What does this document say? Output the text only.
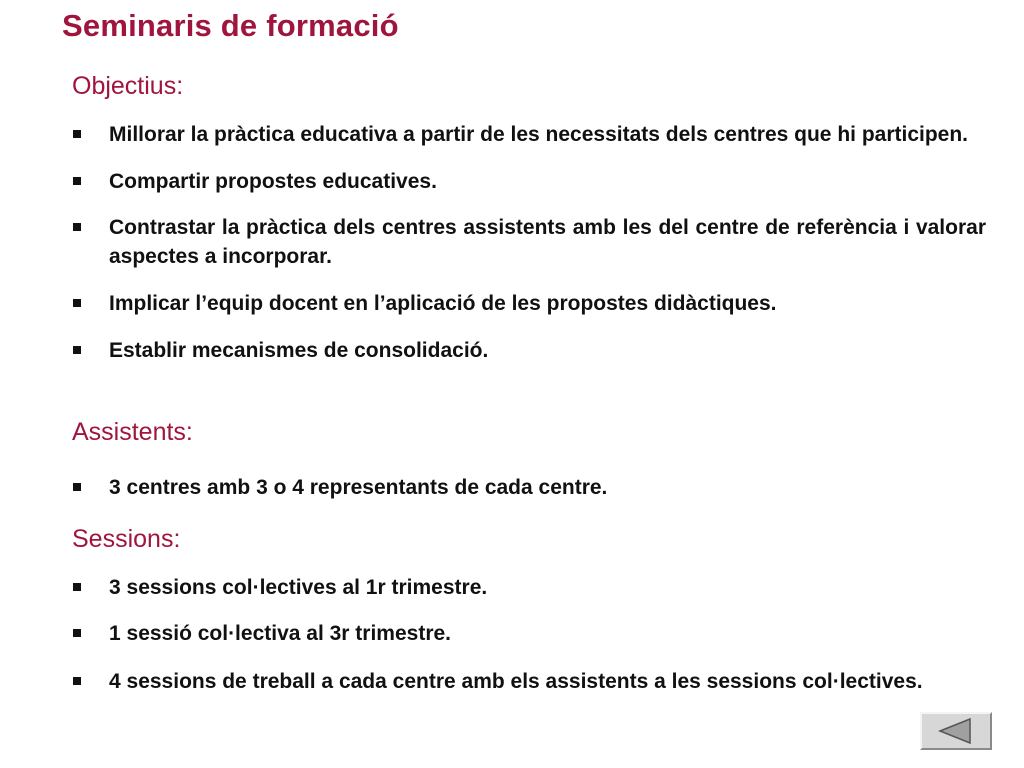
Seminaris de formació
Objectius:
Millorar la pràctica educativa a partir de les necessitats dels centres que hi participen.
Compartir propostes educatives.
Contrastar la pràctica dels centres assistents amb les del centre de referència i valorar aspectes a incorporar.
Implicar l’equip docent en l’aplicació de les propostes didàctiques.
Establir mecanismes de consolidació.
Assistents:
3 centres amb 3 o 4 representants de cada centre.
Sessions:
3 sessions col·lectives al 1r trimestre.
1 sessió col·lectiva al 3r trimestre.
4 sessions de treball a cada centre amb els assistents a les sessions col·lectives.
